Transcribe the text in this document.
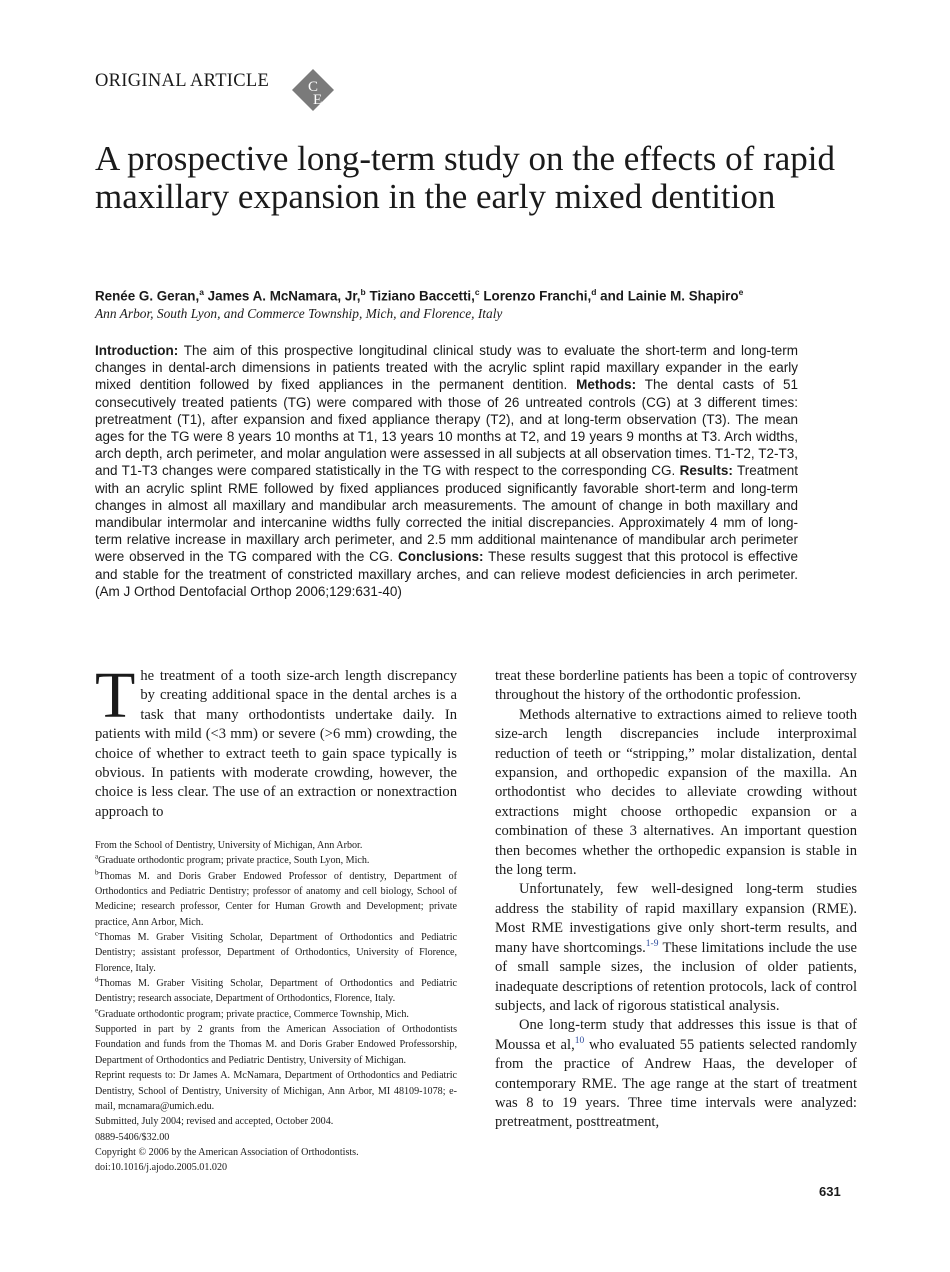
ORIGINAL ARTICLE	C
E
A prospective long-term study on the effects of rapid maxillary expansion in the early mixed dentition
Renée G. Geran,$^a$ James A. McNamara, Jr,$^b$ Tiziano Baccetti,$^c$ Lorenzo Franchi,$^d$ and Lainie M. Shapiro$^e$
Ann Arbor, South Lyon, and Commerce Township, Mich, and Florence, Italy

Introduction: The aim of this prospective longitudinal clinical study was to evaluate the short-term and long-term changes in dental-arch dimensions in patients treated with the acrylic splint rapid maxillary expander in the early mixed dentition followed by fixed appliances in the permanent dentition. Methods: The dental casts of 51 consecutively treated patients (TG) were compared with those of 26 untreated controls (CG) at 3 different times: pretreatment (T1), after expansion and fixed appliance therapy (T2), and at long-term observation (T3). The mean ages for the TG were 8 years 10 months at T1, 13 years 10 months at T2, and 19 years 9 months at T3. Arch widths, arch depth, arch perimeter, and molar angulation were assessed in all subjects at all observation times. T1-T2, T2-T3, and T1-T3 changes were compared statistically in the TG with respect to the corresponding CG. Results: Treatment with an acrylic splint RME followed by fixed appliances produced significantly favorable short-term and long-term changes in almost all maxillary and mandibular arch measurements. The amount of change in both maxillary and mandibular intermolar and intercanine widths fully corrected the initial discrepancies. Approximately 4 mm of long-term relative increase in maxillary arch perimeter, and 2.5 mm additional maintenance of mandibular arch perimeter were observed in the TG compared with the CG. Conclusions: These results suggest that this protocol is effective and stable for the treatment of constricted maxillary arches, and can relieve modest deficiencies in arch perimeter. (Am J Orthod Dentofacial Orthop 2006;129:631-40)

The treatment of a tooth size-arch length discrepancy by creating additional space in the dental arches is a task that many orthodontists undertake daily. In patients with mild (<3 mm) or severe (>6 mm) crowding, the choice of whether to extract teeth to gain space typically is obvious. In patients with moderate crowding, however, the choice is less clear. The use of an extraction or nonextraction approach to

From the School of Dentistry, University of Michigan, Ann Arbor.

$^a$Graduate orthodontic program; private practice, South Lyon, Mich.

$^b$Thomas M. and Doris Graber Endowed Professor of dentistry, Department of Orthodontics and Pediatric Dentistry; professor of anatomy and cell biology, School of Medicine; research professor, Center for Human Growth and Development; private practice, Ann Arbor, Mich.

$^c$Thomas M. Graber Visiting Scholar, Department of Orthodontics and Pediatric Dentistry; assistant professor, Department of Orthodontics, University of Florence, Florence, Italy.

$^d$Thomas M. Graber Visiting Scholar, Department of Orthodontics and Pediatric Dentistry; research associate, Department of Orthodontics, Florence, Italy.

$^e$Graduate orthodontic program; private practice, Commerce Township, Mich.

Supported in part by 2 grants from the American Association of Orthodontists Foundation and funds from the Thomas M. and Doris Graber Endowed Professorship, Department of Orthodontics and Pediatric Dentistry, University of Michigan.

Reprint requests to: Dr James A. McNamara, Department of Orthodontics and Pediatric Dentistry, School of Dentistry, University of Michigan, Ann Arbor, MI 48109-1078; e-mail, mcnamara@umich.edu.

Submitted, July 2004; revised and accepted, October 2004.

0889-5406/$32.00

Copyright © 2006 by the American Association of Orthodontists.

doi:10.1016/j.ajodo.2005.01.020

treat these borderline patients has been a topic of controversy throughout the history of the orthodontic profession.

Methods alternative to extractions aimed to relieve tooth size-arch length discrepancies include interproximal reduction of teeth or “stripping,” molar distalization, dental expansion, and orthopedic expansion of the maxilla. An orthodontist who decides to alleviate crowding without extractions might choose orthopedic expansion or a combination of these 3 alternatives. An important question then becomes whether the orthopedic expansion is stable in the long term.

Unfortunately, few well-designed long-term studies address the stability of rapid maxillary expansion (RME). Most RME investigations give only short-term results, and many have shortcomings.$^{1-9}$ These limitations include the use of small sample sizes, the inclusion of older patients, inadequate descriptions of retention protocols, lack of control subjects, and lack of rigorous statistical analysis.

One long-term study that addresses this issue is that of Moussa et al,$^{10}$ who evaluated 55 patients selected randomly from the practice of Andrew Haas, the developer of contemporary RME. The age range at the start of treatment was 8 to 19 years. Three time intervals were analyzed: pretreatment, posttreatment,

631
